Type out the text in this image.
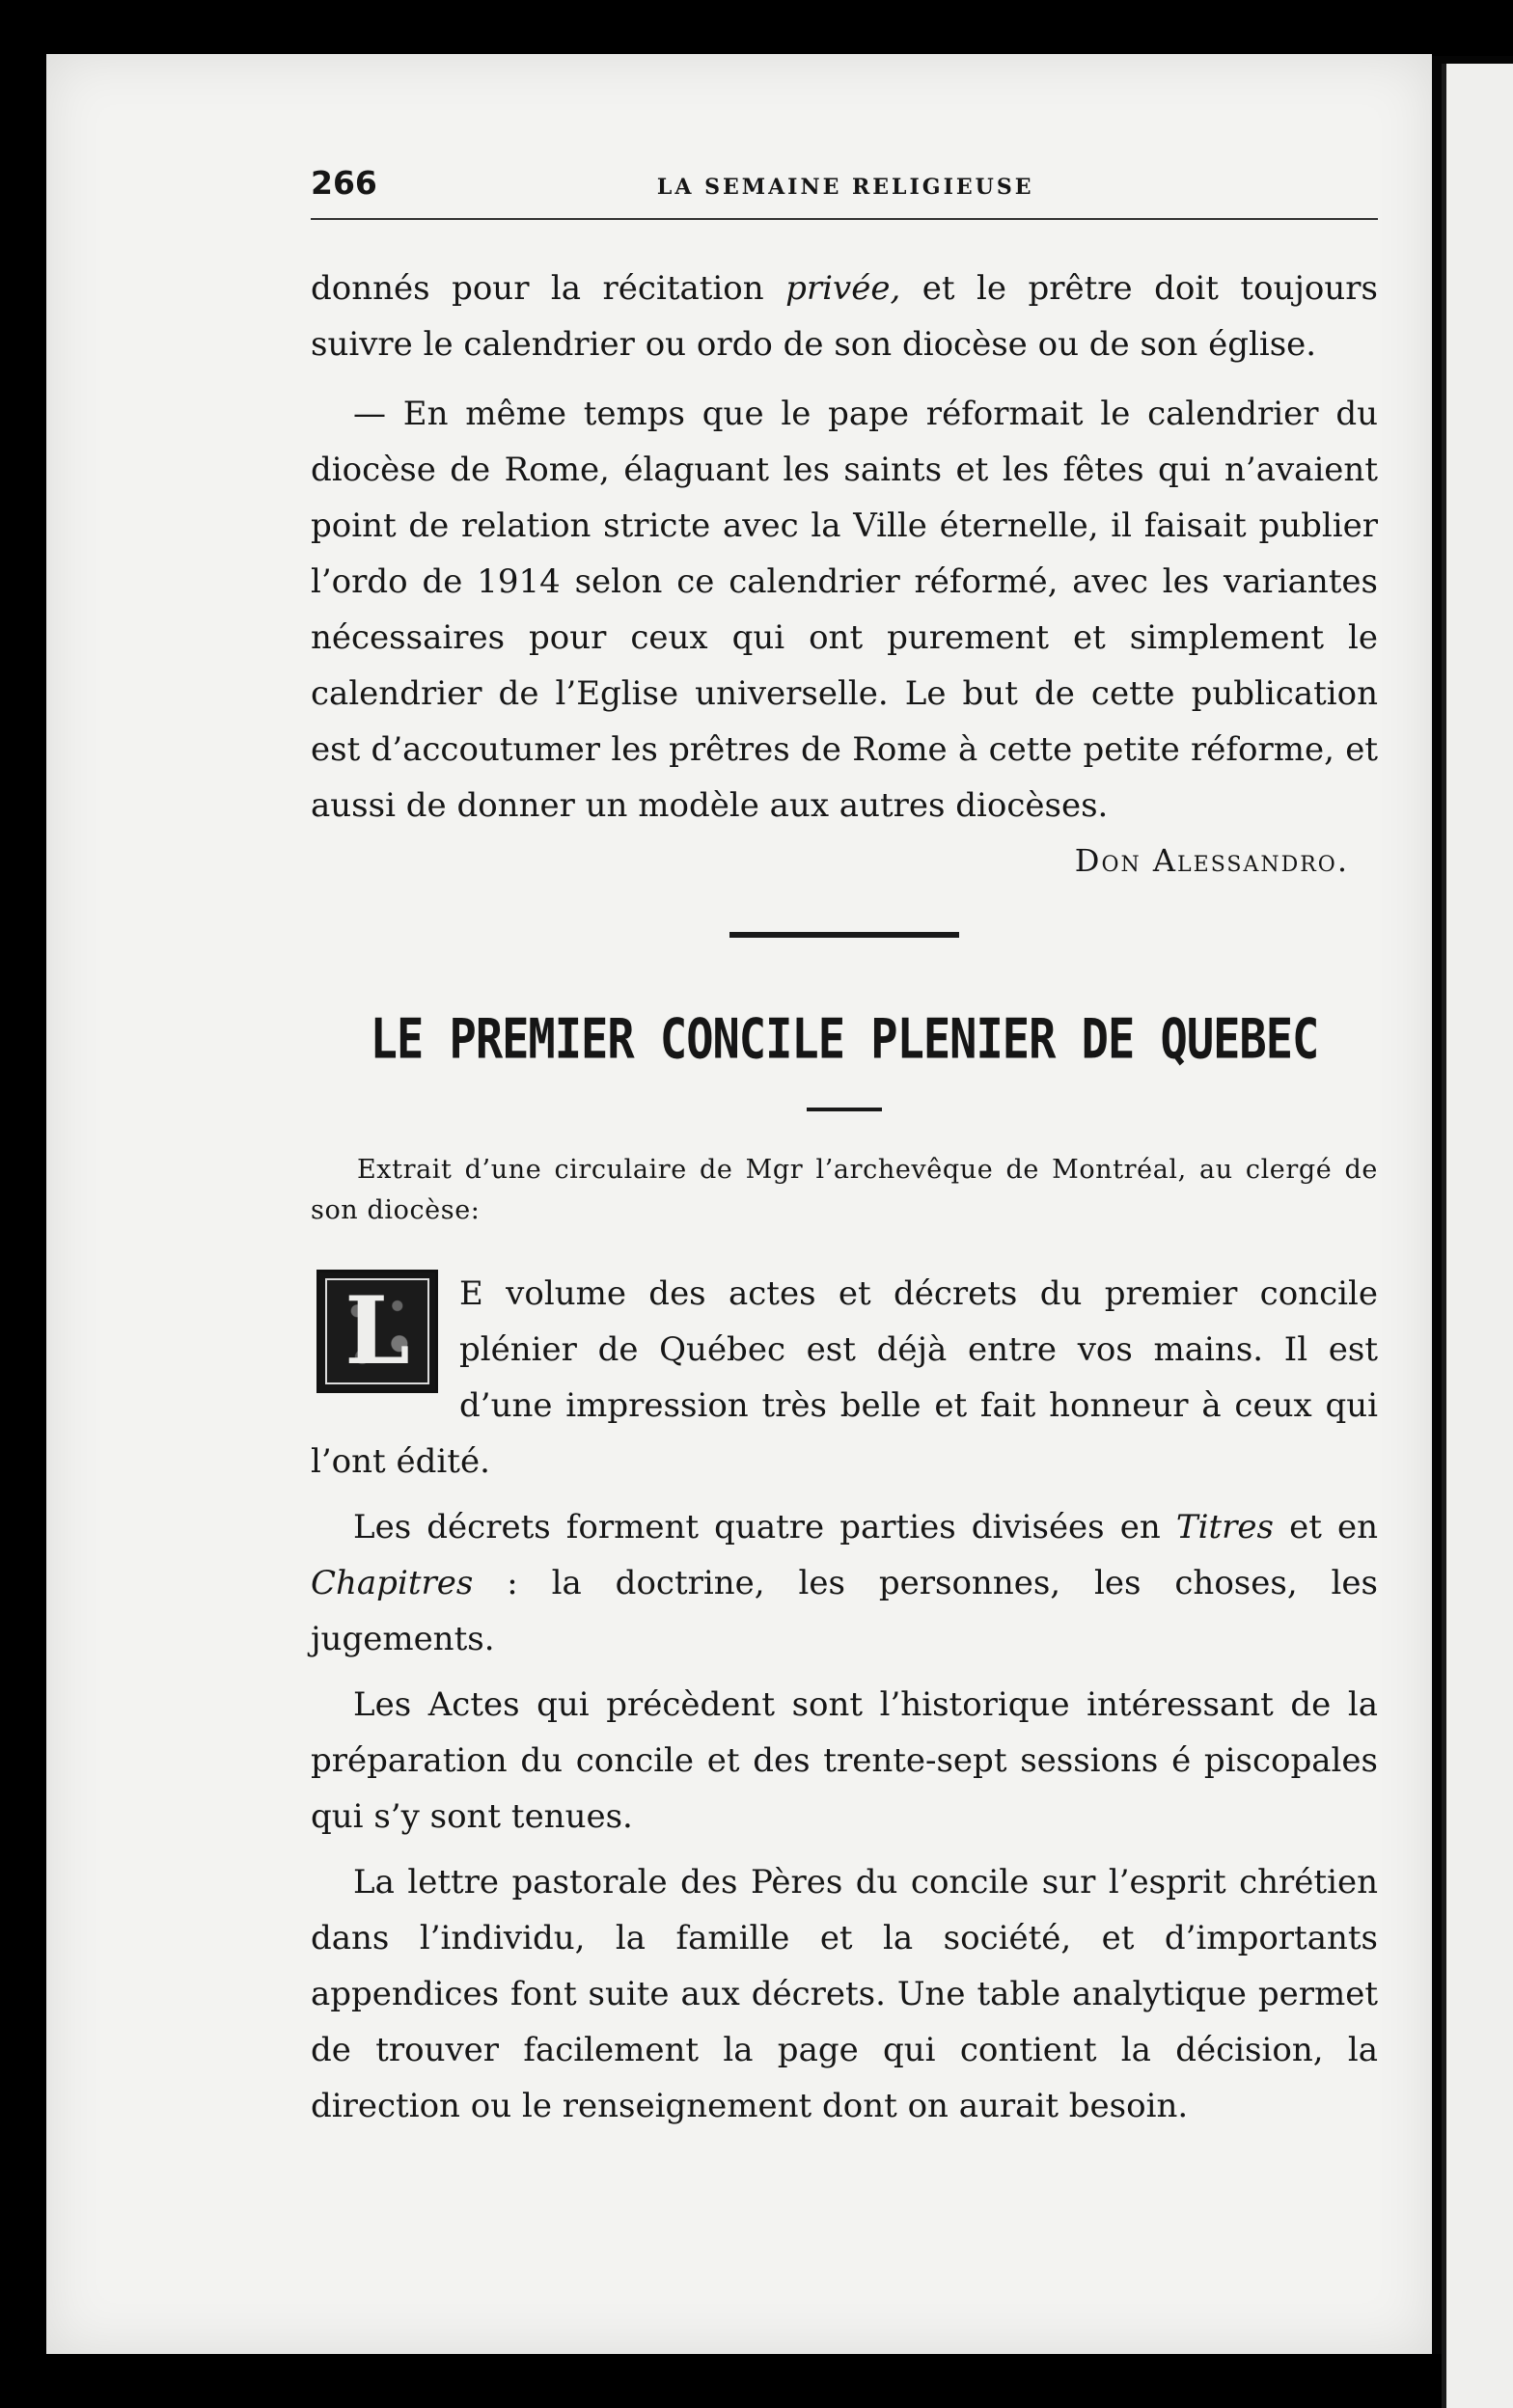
266	LA SEMAINE RELIGIEUSE

donnés pour la récitation privée, et le prêtre doit toujours suivre le calendrier ou ordo de son diocèse ou de son église.

— En même temps que le pape réformait le calendrier du diocèse de Rome, élaguant les saints et les fêtes qui n’avaient point de relation stricte avec la Ville éternelle, il faisait publier l’ordo de 1914 selon ce calendrier réformé, avec les variantes nécessaires pour ceux qui ont purement et simplement le calendrier de l’Eglise universelle. Le but de cette publication est d’accoutumer les prêtres de Rome à cette petite réforme, et aussi de donner un modèle aux autres diocèses.

Don Alessandro.
LE PREMIER CONCILE PLENIER DE QUEBEC
Extrait d’une circulaire de Mgr l’archevêque de Montréal, au clergé de son diocèse:
L	E volume des actes et décrets du premier concile plénier de Québec est déjà entre vos mains. Il est d’une impression très belle et fait honneur à ceux qui l’ont édité.

Les décrets forment quatre parties divisées en Titres et en Chapitres : la doctrine, les personnes, les choses, les jugements.

Les Actes qui précèdent sont l’historique intéressant de la préparation du concile et des trente-sept sessions é piscopales qui s’y sont tenues.

La lettre pastorale des Pères du concile sur l’esprit chrétien dans l’individu, la famille et la société, et d’importants appendices font suite aux décrets. Une table analytique permet de trouver facilement la page qui contient la décision, la direction ou le renseignement dont on aurait besoin.
